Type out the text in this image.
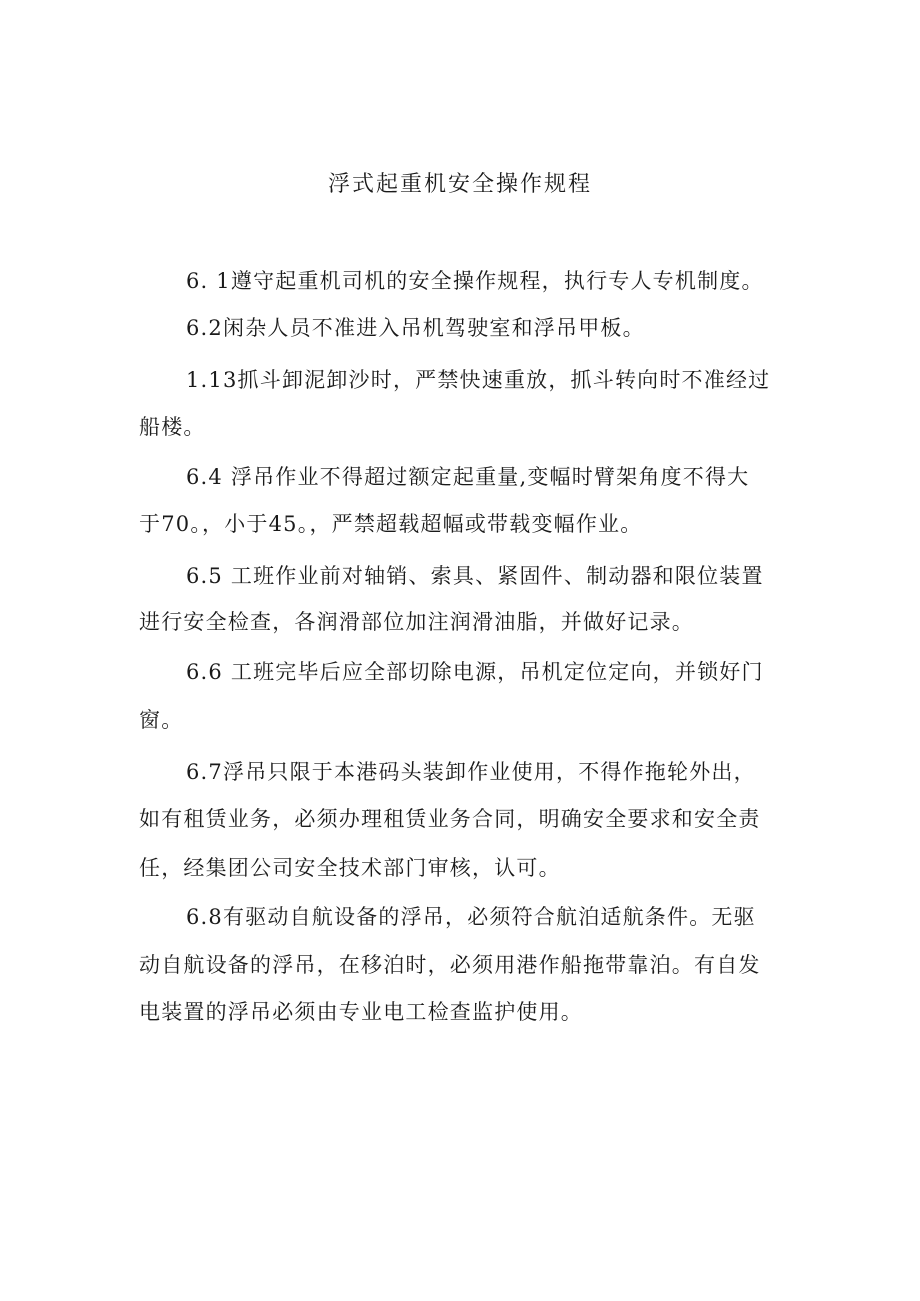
浮式起重机安全操作规程
6. 1遵守起重机司机的安全操作规程，执行专人专机制度。
6.2闲杂人员不准进入吊机驾驶室和浮吊甲板。
1.13抓斗卸泥卸沙时，严禁快速重放，抓斗转向时不准经过
船楼。
6.4 浮吊作业不得超过额定起重量,变幅时臂架角度不得大
于70。，小于45。，严禁超载超幅或带载变幅作业。
6.5 工班作业前对轴销、索具、紧固件、制动器和限位装置
进行安全检查，各润滑部位加注润滑油脂，并做好记录。
6.6 工班完毕后应全部切除电源，吊机定位定向，并锁好门
窗。
6.7浮吊只限于本港码头装卸作业使用，不得作拖轮外出，
如有租赁业务，必须办理租赁业务合同，明确安全要求和安全责
任，经集团公司安全技术部门审核，认可。
6.8有驱动自航设备的浮吊，必须符合航泊适航条件。无驱
动自航设备的浮吊，在移泊时，必须用港作船拖带靠泊。有自发
电装置的浮吊必须由专业电工检查监护使用。
